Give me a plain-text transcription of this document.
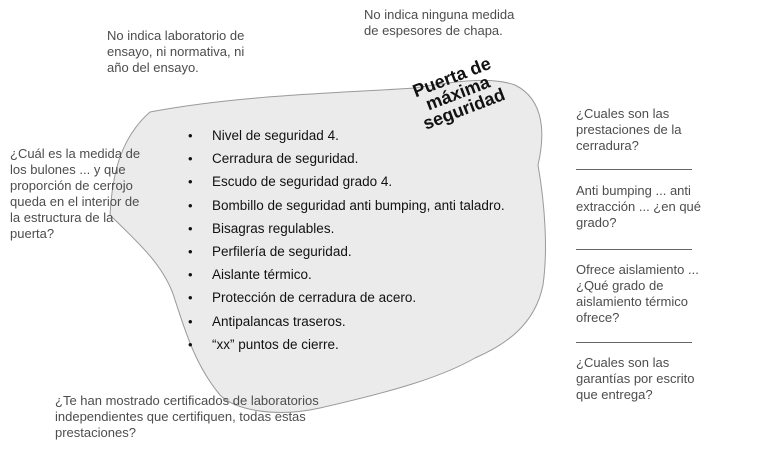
Puerta de
máxima
seguridad
• Nivel de seguridad 4.
• Cerradura de seguridad.
• Escudo de seguridad grado 4.
• Bombillo de seguridad anti bumping, anti taladro.
• Bisagras regulables.
• Perfilería de seguridad.
• Aislante térmico.
• Protección de cerradura de acero.
• Antipalancas traseros.
• “xx” puntos de cierre.
No indica laboratorio de
ensayo, ni normativa, ni
año del ensayo.
No indica ninguna medida
de espesores de chapa.
¿Cuál es la medida de
los bulones ... y que
proporción de cerrojo
queda en el interior de
la estructura de la
puerta?
¿Te han mostrado certificados de laboratorios
independientes que certifiquen, todas estas
prestaciones?
¿Cuales son las
prestaciones de la
cerradura?
Anti bumping ... anti
extracción ... ¿en qué
grado?
Ofrece aislamiento ...
¿Qué grado de
aislamiento térmico
ofrece?
¿Cuales son las
garantías por escrito
que entrega?
